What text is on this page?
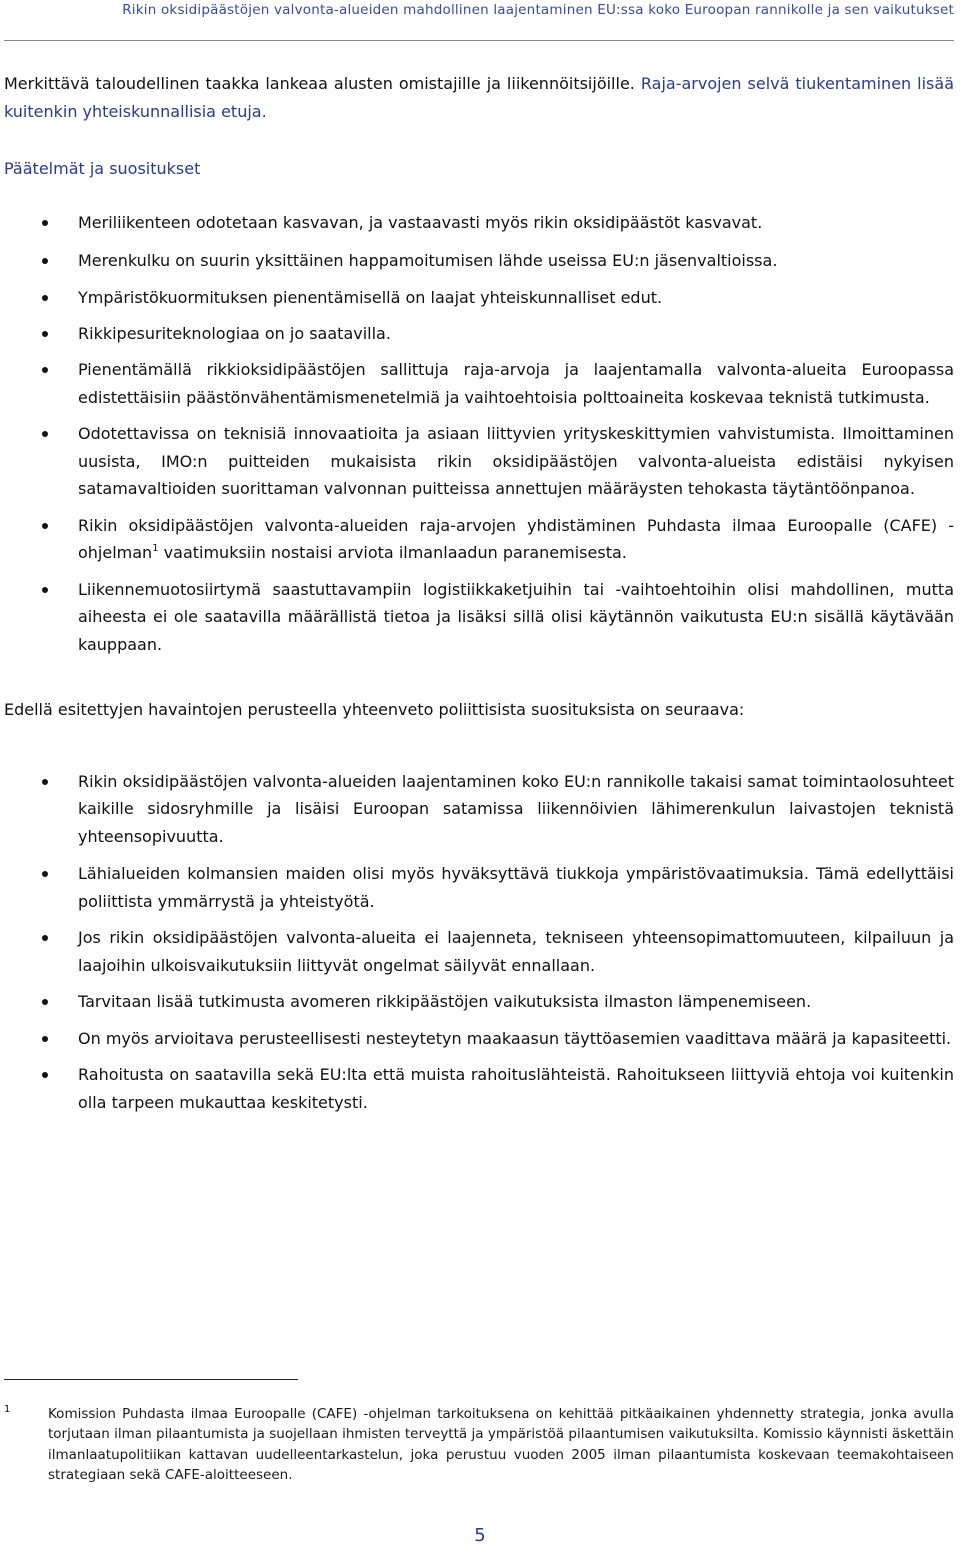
Rikin oksidipäästöjen valvonta-alueiden mahdollinen laajentaminen EU:ssa koko Euroopan rannikolle ja sen vaikutukset

Merkittävä taloudellinen taakka lankeaa alusten omistajille ja liikennöitsijöille. Raja-arvojen selvä tiukentaminen lisää kuitenkin yhteiskunnallisia etuja.

Päätelmät ja suositukset

Meriliikenteen odotetaan kasvavan, ja vastaavasti myös rikin oksidipäästöt kasvavat.
Merenkulku on suurin yksittäinen happamoitumisen lähde useissa EU:n jäsenvaltioissa.
Ympäristökuormituksen pienentämisellä on laajat yhteiskunnalliset edut.
Rikkipesuriteknologiaa on jo saatavilla.
Pienentämällä rikkioksidipäästöjen sallittuja raja-arvoja ja laajentamalla valvonta-alueita Euroopassa edistettäisiin päästönvähentämismenetelmiä ja vaihtoehtoisia polttoaineita koskevaa teknistä tutkimusta.
Odotettavissa on teknisiä innovaatioita ja asiaan liittyvien yrityskeskittymien vahvistumista. Ilmoittaminen uusista, IMO:n puitteiden mukaisista rikin oksidipäästöjen valvonta-alueista edistäisi nykyisen satamavaltioiden suorittaman valvonnan puitteissa annettujen määräysten tehokasta täytäntöönpanoa.
Rikin oksidipäästöjen valvonta-alueiden raja-arvojen yhdistäminen Puhdasta ilmaa Euroopalle (CAFE) -ohjelman$^1$ vaatimuksiin nostaisi arviota ilmanlaadun paranemisesta.
Liikennemuotosiirtymä saastuttavampiin logistiikkaketjuihin tai -vaihtoehtoihin olisi mahdollinen, mutta aiheesta ei ole saatavilla määrällistä tietoa ja lisäksi sillä olisi käytännön vaikutusta EU:n sisällä käytävään kauppaan.

Edellä esitettyjen havaintojen perusteella yhteenveto poliittisista suosituksista on seuraava:

Rikin oksidipäästöjen valvonta-alueiden laajentaminen koko EU:n rannikolle takaisi samat toimintaolosuhteet kaikille sidosryhmille ja lisäisi Euroopan satamissa liikennöivien lähimerenkulun laivastojen teknistä yhteensopivuutta.
Lähialueiden kolmansien maiden olisi myös hyväksyttävä tiukkoja ympäristövaatimuksia. Tämä edellyttäisi poliittista ymmärrystä ja yhteistyötä.
Jos rikin oksidipäästöjen valvonta-alueita ei laajenneta, tekniseen yhteensopimattomuuteen, kilpailuun ja laajoihin ulkoisvaikutuksiin liittyvät ongelmat säilyvät ennallaan.
Tarvitaan lisää tutkimusta avomeren rikkipäästöjen vaikutuksista ilmaston lämpenemiseen.
On myös arvioitava perusteellisesti nesteytetyn maakaasun täyttöasemien vaadittava määrä ja kapasiteetti.
Rahoitusta on saatavilla sekä EU:lta että muista rahoituslähteistä. Rahoitukseen liittyviä ehtoja voi kuitenkin olla tarpeen mukauttaa keskitetysti.
1	Komission Puhdasta ilmaa Euroopalle (CAFE) -ohjelman tarkoituksena on kehittää pitkäaikainen yhdennetty strategia, jonka avulla torjutaan ilman pilaantumista ja suojellaan ihmisten terveyttä ja ympäristöä pilaantumisen vaikutuksilta. Komissio käynnisti äskettäin ilmanlaatupolitiikan kattavan uudelleentarkastelun, joka perustuu vuoden 2005 ilman pilaantumista koskevaan teemakohtaiseen strategiaan sekä CAFE-aloitteeseen.

5
